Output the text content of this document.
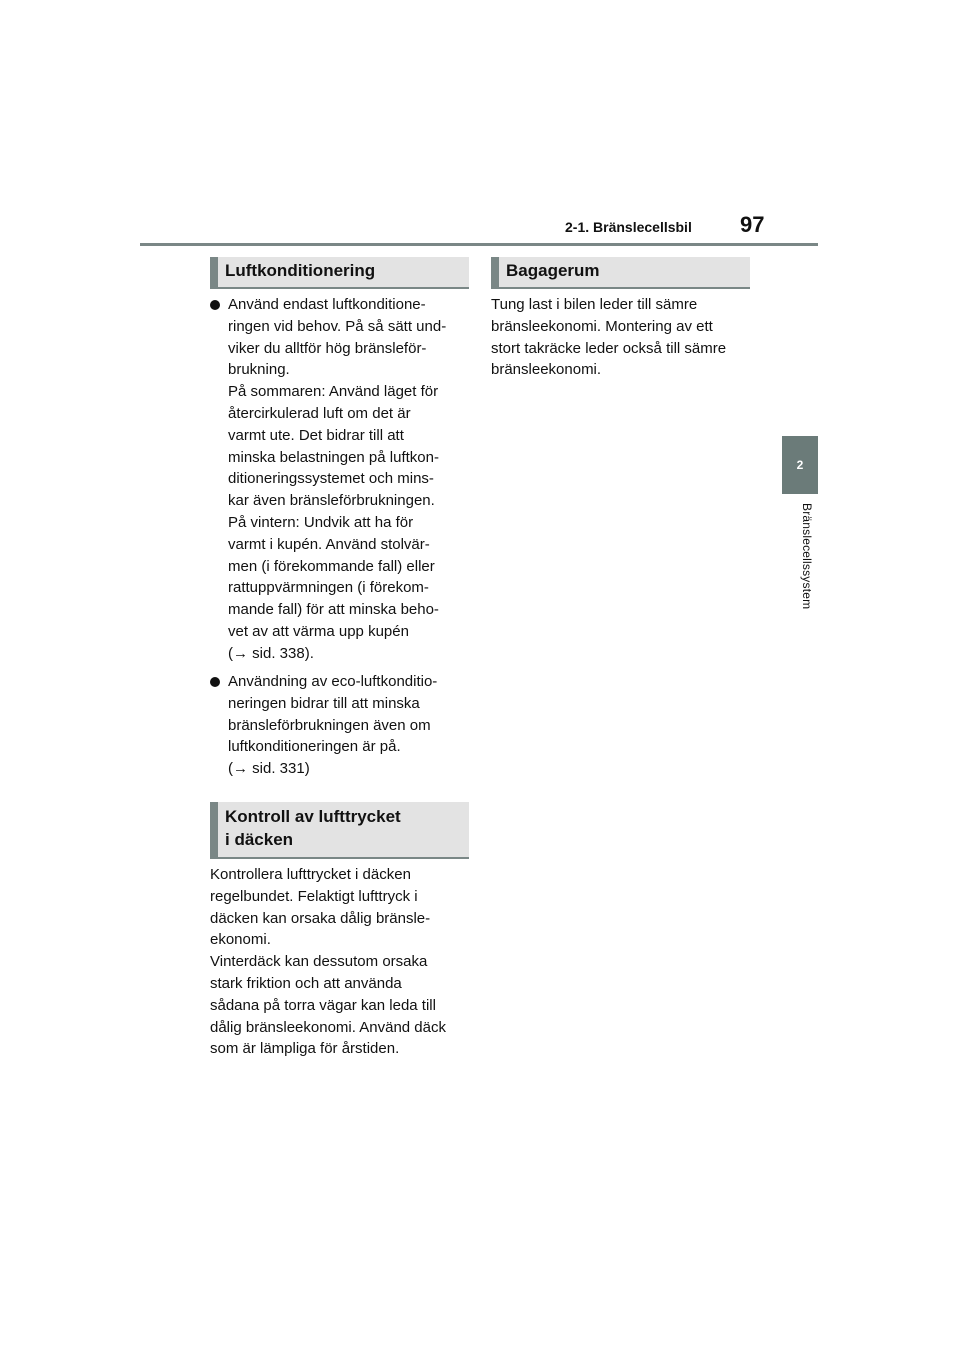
2-1. Bränslecellsbil 97
2
Bränslecellssystem
Luftkonditionering
Använd endast luftkonditione-
ringen vid behov. På så sätt und-
viker du alltför hög bränsleför-
brukning.
På sommaren: Använd läget för
återcirkulerad luft om det är
varmt ute. Det bidrar till att
minska belastningen på luftkon-
ditioneringssystemet och mins-
kar även bränsleförbrukningen.
På vintern: Undvik att ha för
varmt i kupén. Använd stolvär-
men (i förekommande fall) eller
rattuppvärmningen (i förekom-
mande fall) för att minska beho-
vet av att värma upp kupén
(→ sid. 338).
Användning av eco-luftkonditio-
neringen bidrar till att minska
bränsleförbrukningen även om
luftkonditioneringen är på.
(→ sid. 331)
Kontroll av lufttrycket
i däcken
Kontrollera lufttrycket i däcken
regelbundet. Felaktigt lufttryck i
däcken kan orsaka dålig bränsle-
ekonomi.
Vinterdäck kan dessutom orsaka
stark friktion och att använda
sådana på torra vägar kan leda till
dålig bränsleekonomi. Använd däck
som är lämpliga för årstiden.
Bagagerum
Tung last i bilen leder till sämre
bränsleekonomi. Montering av ett
stort takräcke leder också till sämre
bränsleekonomi.
